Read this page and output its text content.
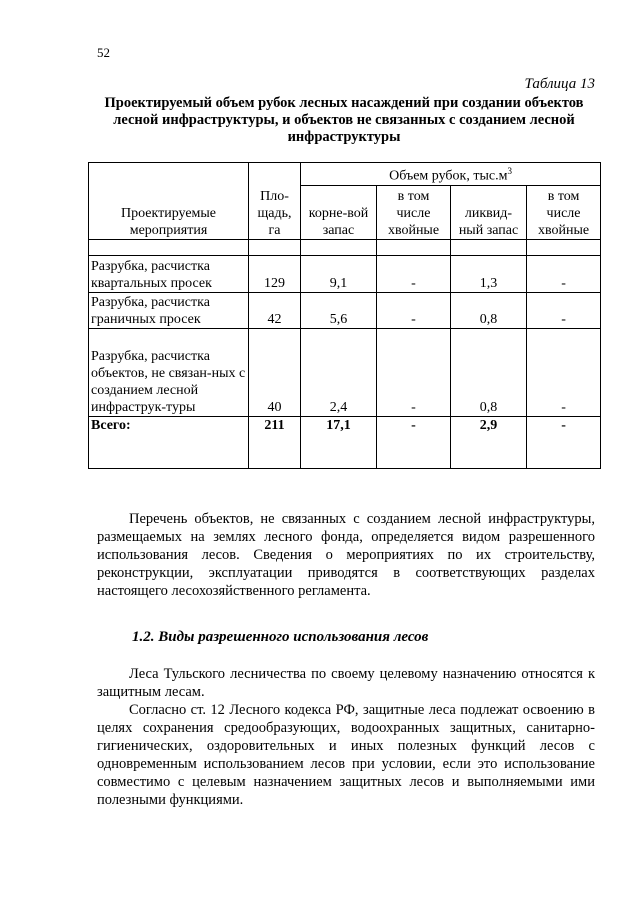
52
Таблица 13
Проектируемый объем рубок лесных насаждений при создании объектов лесной инфраструктуры, и объектов не связанных с созданием лесной инфраструктуры
Проектируемые мероприятия	Пло-щадь, га	Объем рубок, $тыс.м^3$
		корне-вой запас	в том числе хвойные	ликвид-ный запас	в том числе хвойные

Разрубка, расчистка квартальных просек	129	9,1	-	1,3	-
Разрубка, расчистка граничных просек	42	5,6	-	0,8	-
Разрубка, расчистка объектов, не связан-ных с созданием лесной инфраструк-туры	40	2,4	-	0,8	-
Всего:	211	17,1	-	2,9	-

Перечень объектов, не связанных с созданием лесной инфраструктуры, размещаемых на землях лесного фонда, определяется видом разрешенного использования лесов. Сведения о мероприятиях по их строительству, реконструкции, эксплуатации приводятся в соответствующих разделах настоящего лесохозяйственного регламента.

1.2. Виды разрешенного использования лесов

Леса Тульского лесничества по своему целевому назначению относятся к защитным лесам.

Согласно ст. 12 Лесного кодекса РФ, защитные леса подлежат освоению в целях сохранения средообразующих, водоохранных защитных, санитарно-гигиенических, оздоровительных и иных полезных функций лесов с одновременным использованием лесов при условии, если это использование совместимо с целевым назначением защитных лесов и выполняемыми ими полезными функциями.
